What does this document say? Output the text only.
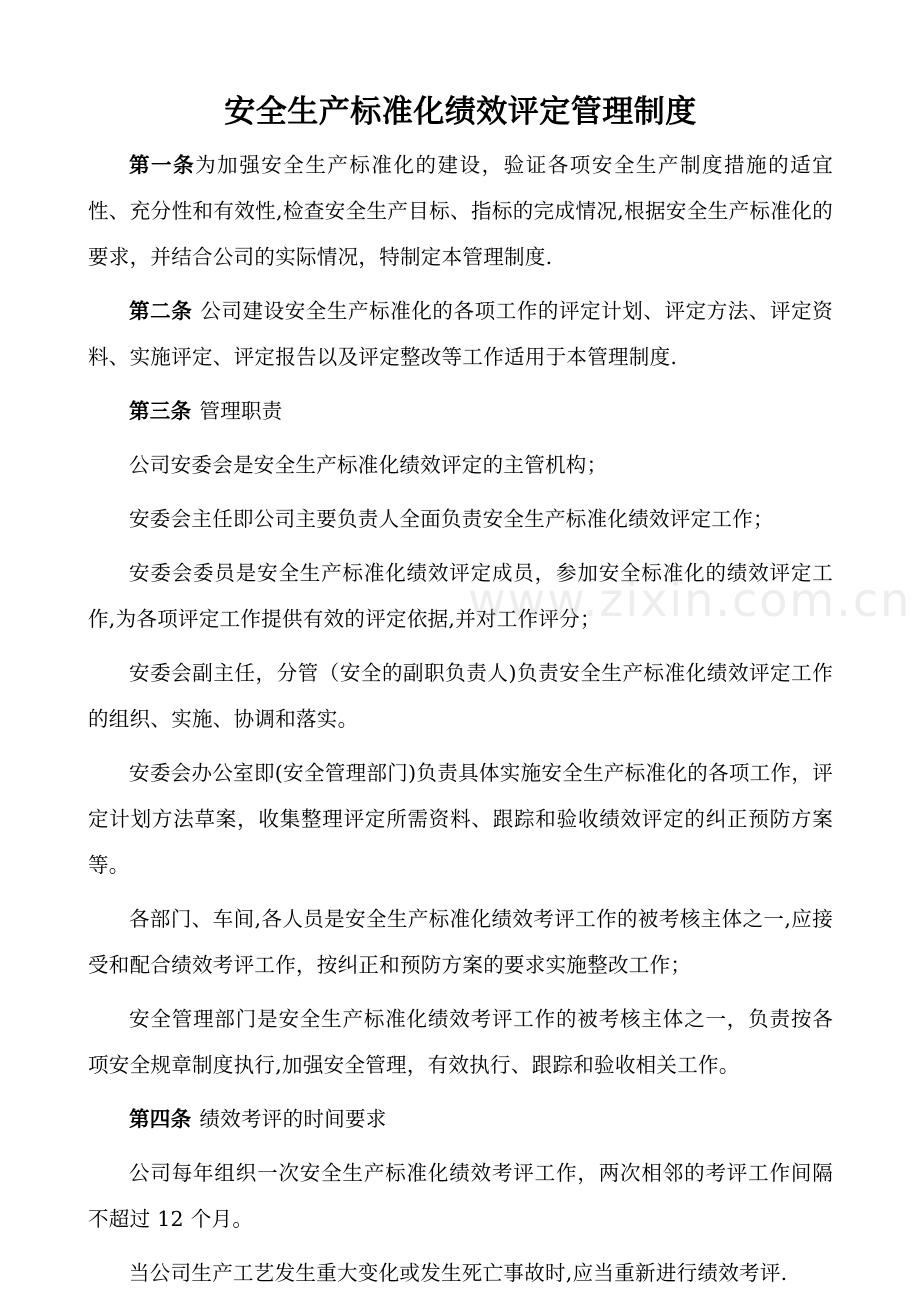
安全生产标准化绩效评定管理制度

第一条为加强安全生产标准化的建设，验证各项安全生产制度措施的适宜性、充分性和有效性,检查安全生产目标、指标的完成情况,根据安全生产标准化的要求，并结合公司的实际情况，特制定本管理制度.

第二条 公司建设安全生产标准化的各项工作的评定计划、评定方法、评定资料、实施评定、评定报告以及评定整改等工作适用于本管理制度.

第三条 管理职责

公司安委会是安全生产标准化绩效评定的主管机构；

安委会主任即公司主要负责人全面负责安全生产标准化绩效评定工作；

安委会委员是安全生产标准化绩效评定成员，参加安全标准化的绩效评定工作,为各项评定工作提供有效的评定依据,并对工作评分；

安委会副主任，分管（安全的副职负责人)负责安全生产标准化绩效评定工作的组织、实施、协调和落实。

安委会办公室即(安全管理部门)负责具体实施安全生产标准化的各项工作，评定计划方法草案，收集整理评定所需资料、跟踪和验收绩效评定的纠正预防方案等。

各部门、车间,各人员是安全生产标准化绩效考评工作的被考核主体之一,应接受和配合绩效考评工作，按纠正和预防方案的要求实施整改工作；

安全管理部门是安全生产标准化绩效考评工作的被考核主体之一，负责按各项安全规章制度执行,加强安全管理，有效执行、跟踪和验收相关工作。

第四条 绩效考评的时间要求

公司每年组织一次安全生产标准化绩效考评工作，两次相邻的考评工作间隔不超过 12 个月。

当公司生产工艺发生重大变化或发生死亡事故时,应当重新进行绩效考评.

www.zixin.com.cn
